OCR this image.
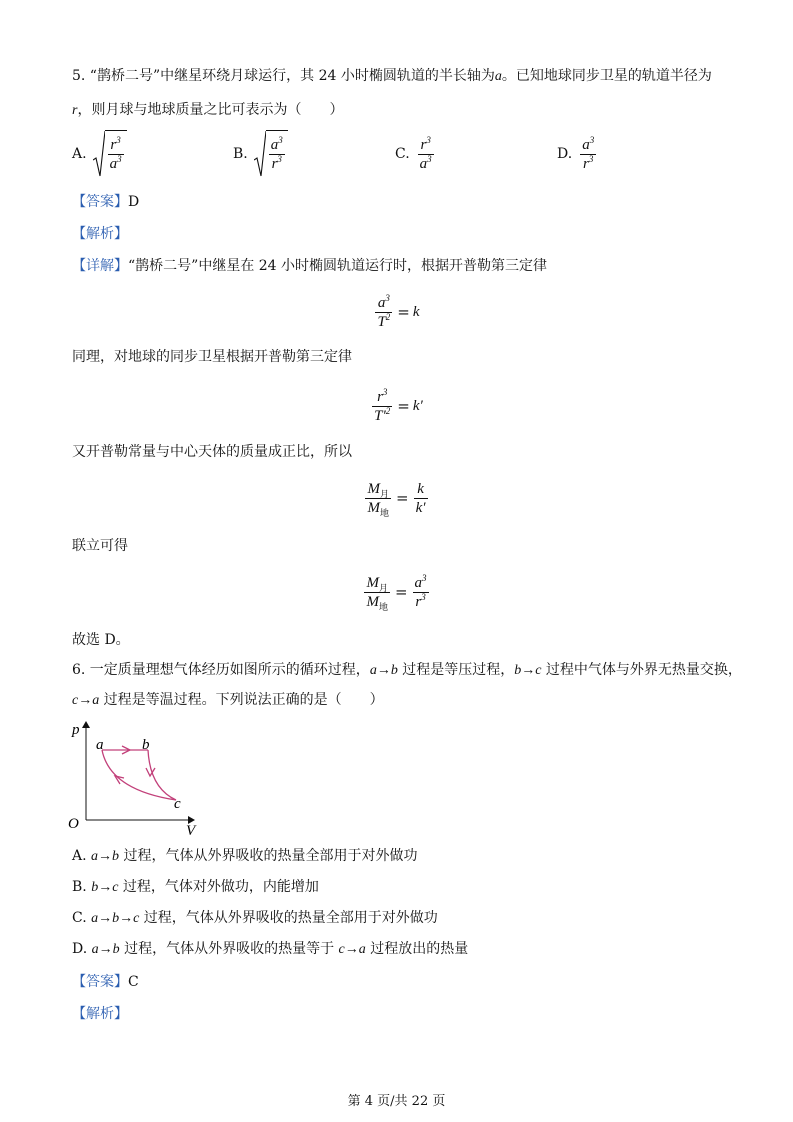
5. “鹊桥二号”中继星环绕月球运行，其 24 小时椭圆轨道的半长轴为a。已知地球同步卫星的轨道半径为
r，则月球与地球质量之比可表示为（　　）
A. $\frac{r^3}{a^3}$	B. $\frac{a^3}{r^3}$	C. $\frac{r^3}{a^3}$	D. $\frac{a^3}{r^3}$
【答案】D
【解析】
【详解】“鹊桥二号”中继星在 24 小时椭圆轨道运行时，根据开普勒第三定律
$\frac{a^3}{T^2} = k$
同理，对地球的同步卫星根据开普勒第三定律
$\frac{r^3}{T'^2} = k'$
又开普勒常量与中心天体的质量成正比，所以
$\frac{M_月}{M_地} = \frac{k}{k'}$
联立可得
$\frac{M_月}{M_地} = \frac{a^3}{r^3}$
故选 D。
6. 一定质量理想气体经历如图所示的循环过程，a→b 过程是等压过程，b→c 过程中气体与外界无热量交换，
c→a 过程是等温过程。下列说法正确的是（　　）
p
V
O
a	b
c
A. a→b 过程，气体从外界吸收的热量全部用于对外做功
B. b→c 过程，气体对外做功，内能增加
C. a→b→c 过程，气体从外界吸收的热量全部用于对外做功
D. a→b 过程，气体从外界吸收的热量等于 c→a 过程放出的热量
【答案】C
【解析】
第 4 页/共 22 页
